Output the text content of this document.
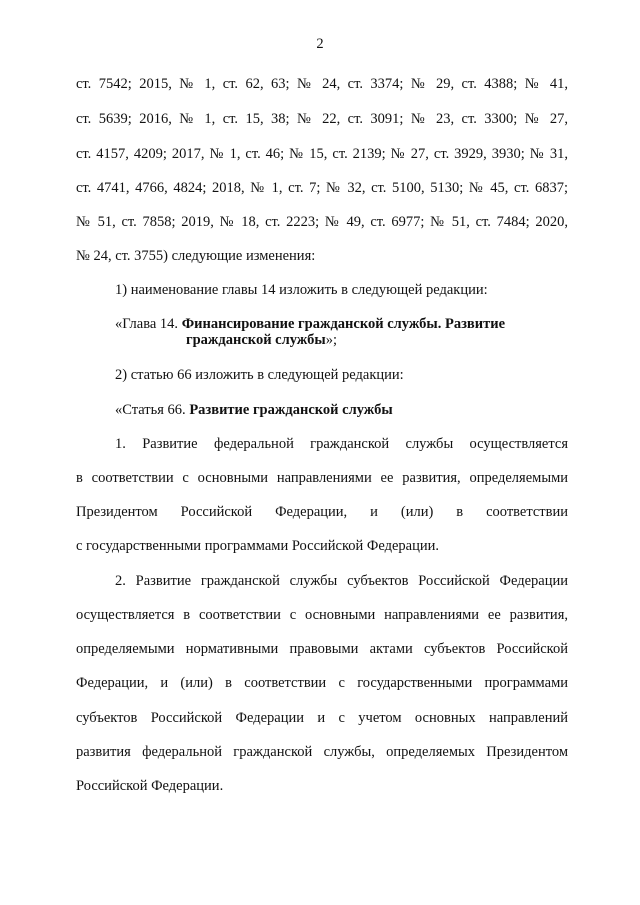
2
ст. 7542; 2015, № 1, ст. 62, 63; № 24, ст. 3374; № 29, ст. 4388; № 41,
ст. 5639; 2016, № 1, ст. 15, 38; № 22, ст. 3091; № 23, ст. 3300; № 27,
ст. 4157, 4209; 2017, № 1, ст. 46; № 15, ст. 2139; № 27, ст. 3929, 3930; № 31,
ст. 4741, 4766, 4824; 2018, № 1, ст. 7; № 32, ст. 5100, 5130; № 45, ст. 6837;
№ 51, ст. 7858; 2019, № 18, ст. 2223; № 49, ст. 6977; № 51, ст. 7484; 2020,
№ 24, ст. 3755) следующие изменения:
1) наименование главы 14 изложить в следующей редакции:
«Глава 14. Финансирование гражданской службы. Развитие
гражданской службы»;
2) статью 66 изложить в следующей редакции:
«Статья 66. Развитие гражданской службы
1. Развитие федеральной гражданской службы осуществляется
в соответствии с основными направлениями ее развития, определяемыми
Президентом Российской Федерации, и (или) в соответствии
с государственными программами Российской Федерации.
2. Развитие гражданской службы субъектов Российской Федерации
осуществляется в соответствии с основными направлениями ее развития,
определяемыми нормативными правовыми актами субъектов Российской
Федерации, и (или) в соответствии с государственными программами
субъектов Российской Федерации и с учетом основных направлений
развития федеральной гражданской службы, определяемых Президентом
Российской Федерации.
